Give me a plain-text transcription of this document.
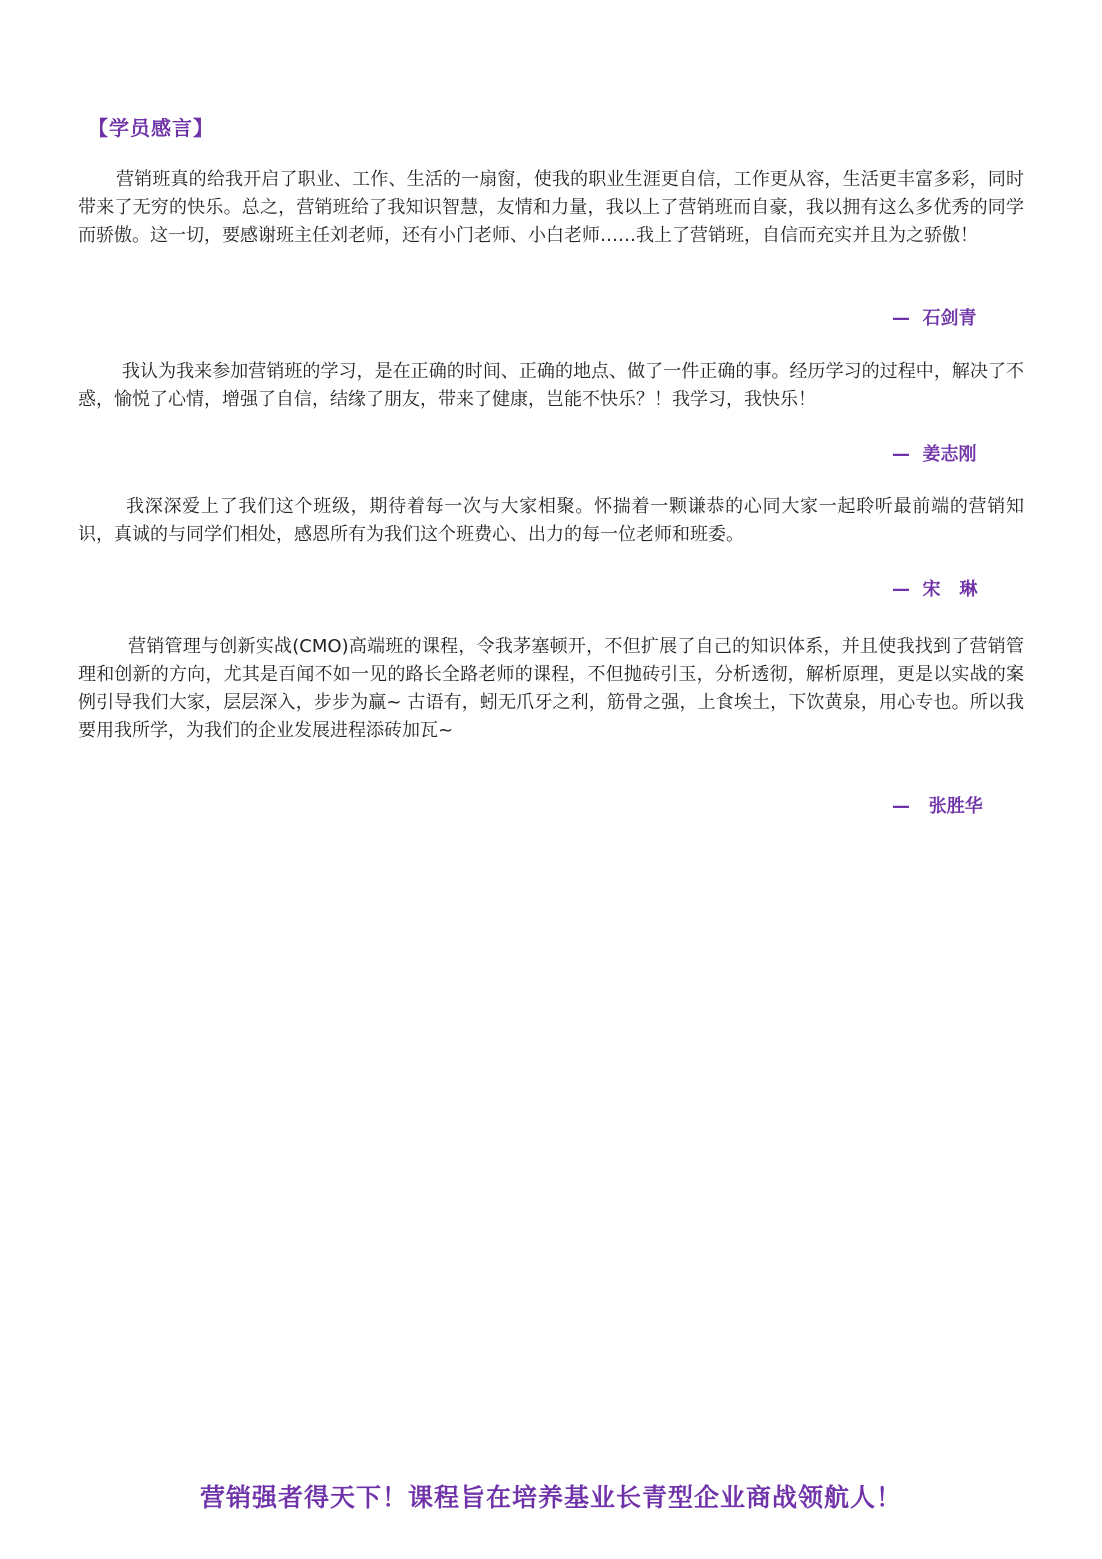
【学员感言】

营销班真的给我开启了职业、工作、生活的一扇窗，使我的职业生涯更自信，工作更从容，生活更丰富多彩，同时带来了无穷的快乐。总之，营销班给了我知识智慧，友情和力量，我以上了营销班而自豪，我以拥有这么多优秀的同学而骄傲。这一切，要感谢班主任刘老师，还有小门老师、小白老师……我上了营销班，自信而充实并且为之骄傲！

—  石剑青

我认为我来参加营销班的学习，是在正确的时间、正确的地点、做了一件正确的事。经历学习的过程中，解决了不惑，愉悦了心情，增强了自信，结缘了朋友，带来了健康，岂能不快乐？！我学习，我快乐！

—  姜志刚

我深深爱上了我们这个班级，期待着每一次与大家相聚。怀揣着一颗谦恭的心同大家一起聆听最前端的营销知识，真诚的与同学们相处，感恩所有为我们这个班费心、出力的每一位老师和班委。

—  宋   琳

营销管理与创新实战(CMO)高端班的课程，令我茅塞顿开，不但扩展了自己的知识体系，并且使我找到了营销管理和创新的方向，尤其是百闻不如一见的路长全路老师的课程，不但抛砖引玉，分析透彻，解析原理，更是以实战的案例引导我们大家，层层深入，步步为赢~ 古语有，蚓无爪牙之利，筋骨之强，上食埃土，下饮黄泉，用心专也。所以我要用我所学，为我们的企业发展进程添砖加瓦~

—   张胜华
营销强者得天下！课程旨在培养基业长青型企业商战领航人！
